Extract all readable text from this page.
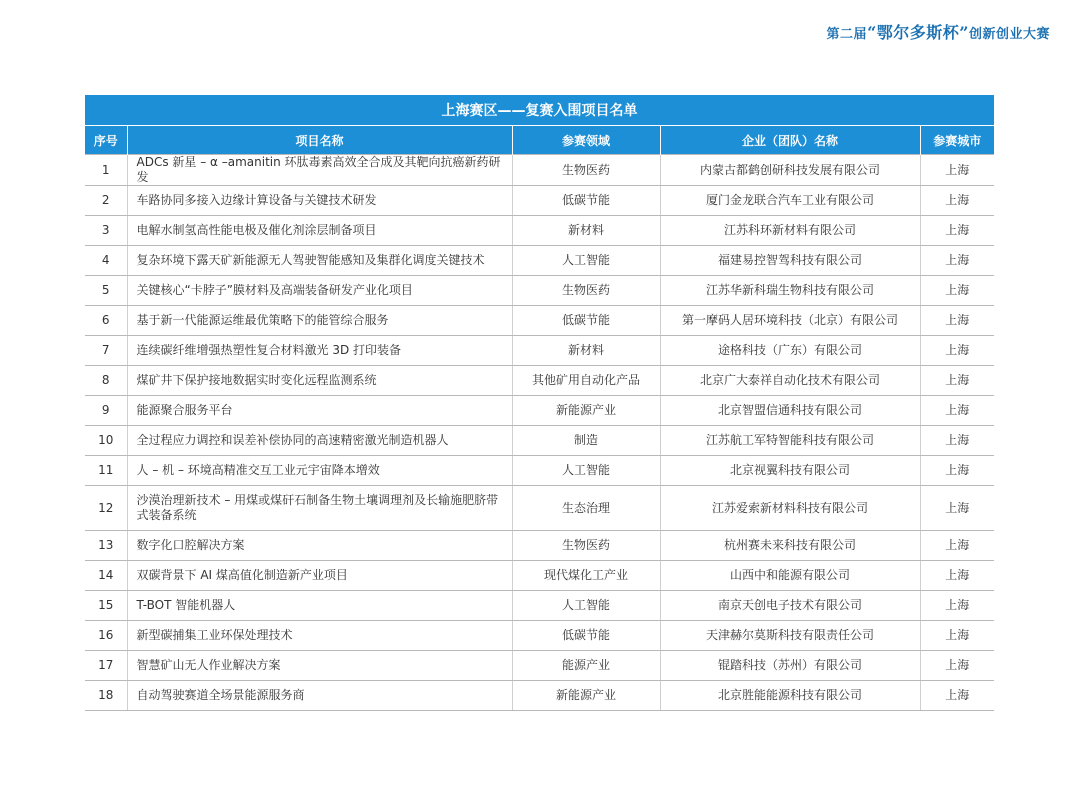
第二届“鄂尔多斯杯”创新创业大赛
上海赛区——复赛入围项目名单				
序号	项目名称	参赛领域	企业（团队）名称	参赛城市
1	ADCs 新星 – α –amanitin 环肽毒素高效全合成及其靶向抗癌新药研发	生物医药	内蒙古都鹤创研科技发展有限公司	上海
2	车路协同多接入边缘计算设备与关键技术研发	低碳节能	厦门金龙联合汽车工业有限公司	上海
3	电解水制氢高性能电极及催化剂涂层制备项目	新材料	江苏科环新材料有限公司	上海
4	复杂环境下露天矿新能源无人驾驶智能感知及集群化调度关键技术	人工智能	福建易控智驾科技有限公司	上海
5	关键核心“卡脖子”膜材料及高端装备研发产业化项目	生物医药	江苏华新科瑞生物科技有限公司	上海
6	基于新一代能源运维最优策略下的能管综合服务	低碳节能	第一摩码人居环境科技（北京）有限公司	上海
7	连续碳纤维增强热塑性复合材料激光 3D 打印装备	新材料	途格科技（广东）有限公司	上海
8	煤矿井下保护接地数据实时变化远程监测系统	其他矿用自动化产品	北京广大泰祥自动化技术有限公司	上海
9	能源聚合服务平台	新能源产业	北京智盟信通科技有限公司	上海
10	全过程应力调控和误差补偿协同的高速精密激光制造机器人	制造	江苏航工军特智能科技有限公司	上海
11	人 – 机 – 环境高精准交互工业元宇宙降本增效	人工智能	北京视翼科技有限公司	上海
12	沙漠治理新技术 – 用煤或煤矸石制备生物土壤调理剂及长输施肥脐带式装备系统	生态治理	江苏爱索新材料科技有限公司	上海
13	数字化口腔解决方案	生物医药	杭州赛未来科技有限公司	上海
14	双碳背景下 AI 煤高值化制造新产业项目	现代煤化工产业	山西中和能源有限公司	上海
15	T-BOT 智能机器人	人工智能	南京天创电子技术有限公司	上海
16	新型碳捕集工业环保处理技术	低碳节能	天津赫尔莫斯科技有限责任公司	上海
17	智慧矿山无人作业解决方案	能源产业	锟踏科技（苏州）有限公司	上海
18	自动驾驶赛道全场景能源服务商	新能源产业	北京胜能能源科技有限公司	上海
